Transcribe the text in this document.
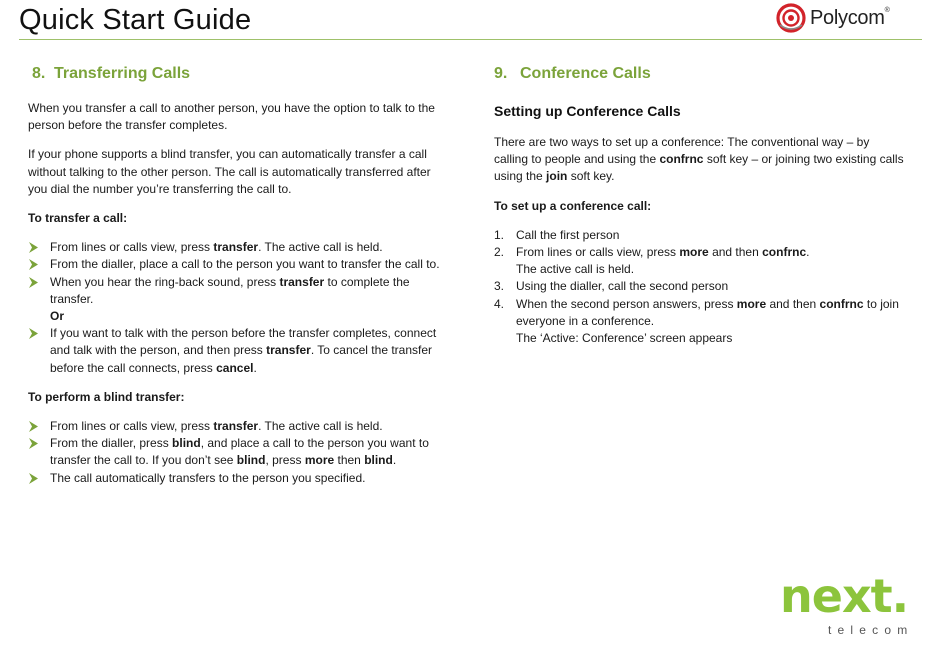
Quick Start Guide	Polycom®
8. Transferring Calls

When you transfer a call to another person, you have the option to talk to the person before the transfer completes.

If your phone supports a blind transfer, you can automatically transfer a call without talking to the other person. The call is automatically transferred after you dial the number you’re transferring the call to.

To transfer a call:
From lines or calls view, press transfer. The active call is held.
From the dialler, place a call to the person you want to transfer the call to.
When you hear the ring-back sound, press transfer to complete the transfer.
Or
If you want to talk with the person before the transfer completes, connect and talk with the person, and then press transfer. To cancel the transfer before the call connects, press cancel.
To perform a blind transfer:
From lines or calls view, press transfer. The active call is held.
From the dialler, press blind, and place a call to the person you want to transfer the call to. If you don’t see blind, press more then blind.
The call automatically transfers to the person you specified.
9. Conference Calls
Setting up Conference Calls

There are two ways to set up a conference: The conventional way – by calling to people and using the confrnc soft key – or joining two existing calls using the join soft key.

To set up a conference call:
1. Call the first person
2. From lines or calls view, press more and then confrnc.
The active call is held.
3. Using the dialler, call the second person
4. When the second person answers, press more and then confrnc to join everyone in a conference.
The ‘Active: Conference’ screen appears
next.
telecom
